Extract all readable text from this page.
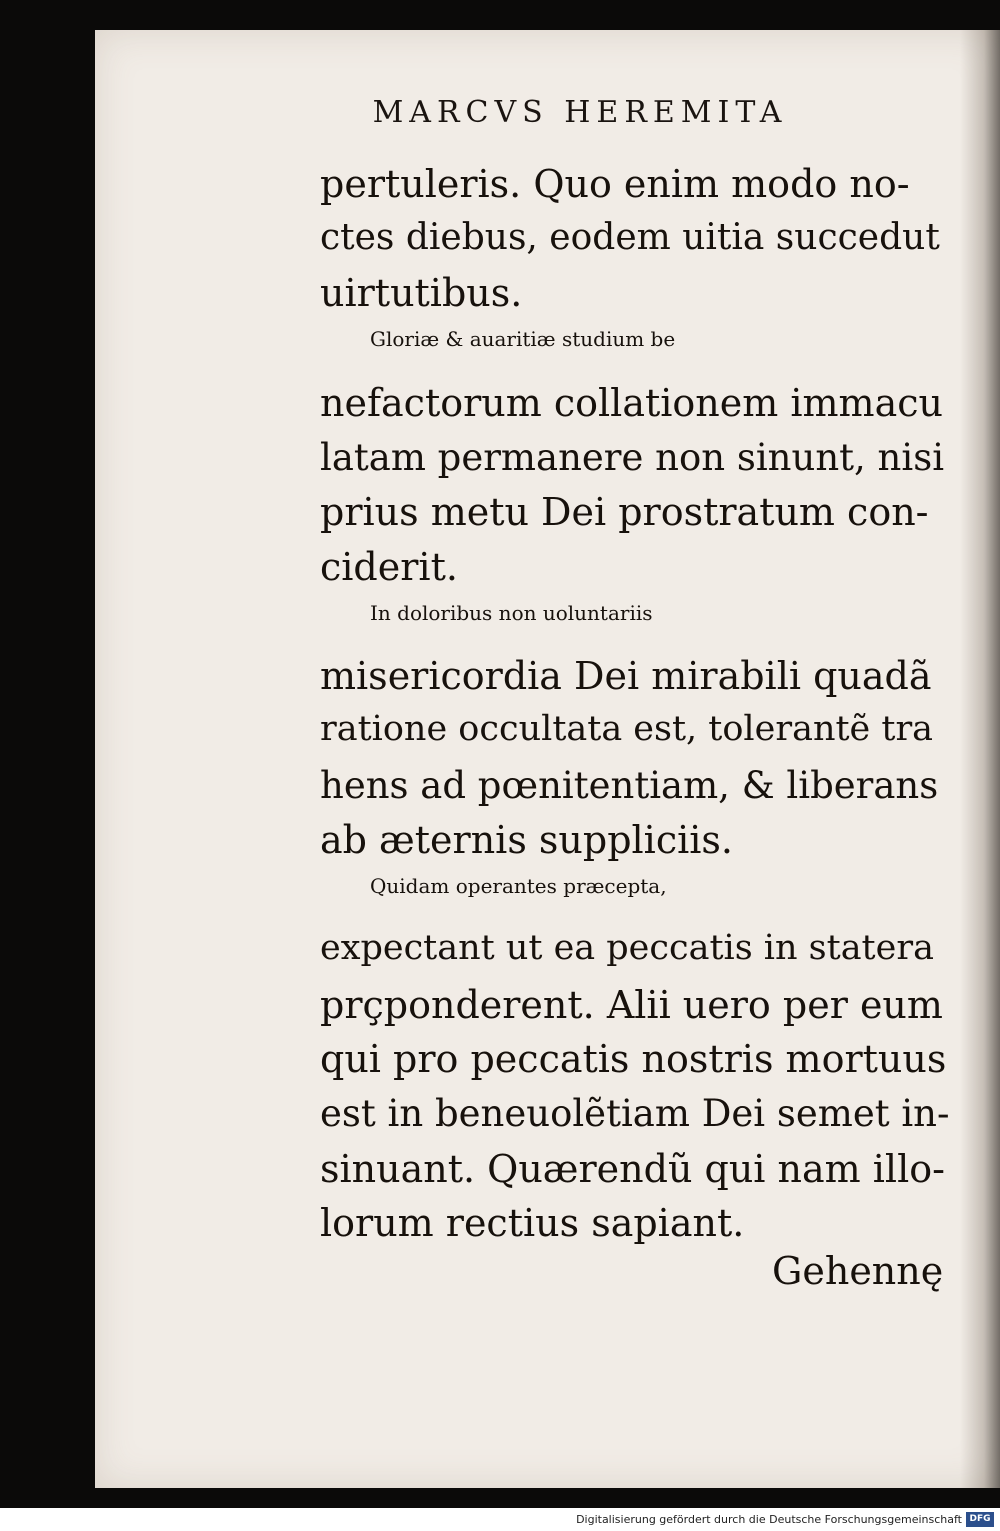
MARCVS HEREMITA

pertuleris. Quo enim modo no-

ctes diebus, eodem uitia succedut

uirtutibus.

Gloriæ & auaritiæ studium be

nefactorum collationem immacu

latam permanere non sinunt, nisi

prius metu Dei prostratum con-

ciderit.

In doloribus non uoluntariis

misericordia Dei mirabili quadã

ratione occultata est, tolerantẽ tra

hens ad pœnitentiam, & liberans

ab æternis suppliciis.

Quidam operantes præcepta,

expectant ut ea peccatis in statera

prçponderent. Alii uero per eum

qui pro peccatis nostris mortuus

est in beneuolẽtiam Dei semet in-

sinuant. Quærendũ qui nam illo-

lorum rectius sapiant.

Gehennę

Digitalisierung gefördert durch die Deutsche Forschungsgemeinschaft DFG
